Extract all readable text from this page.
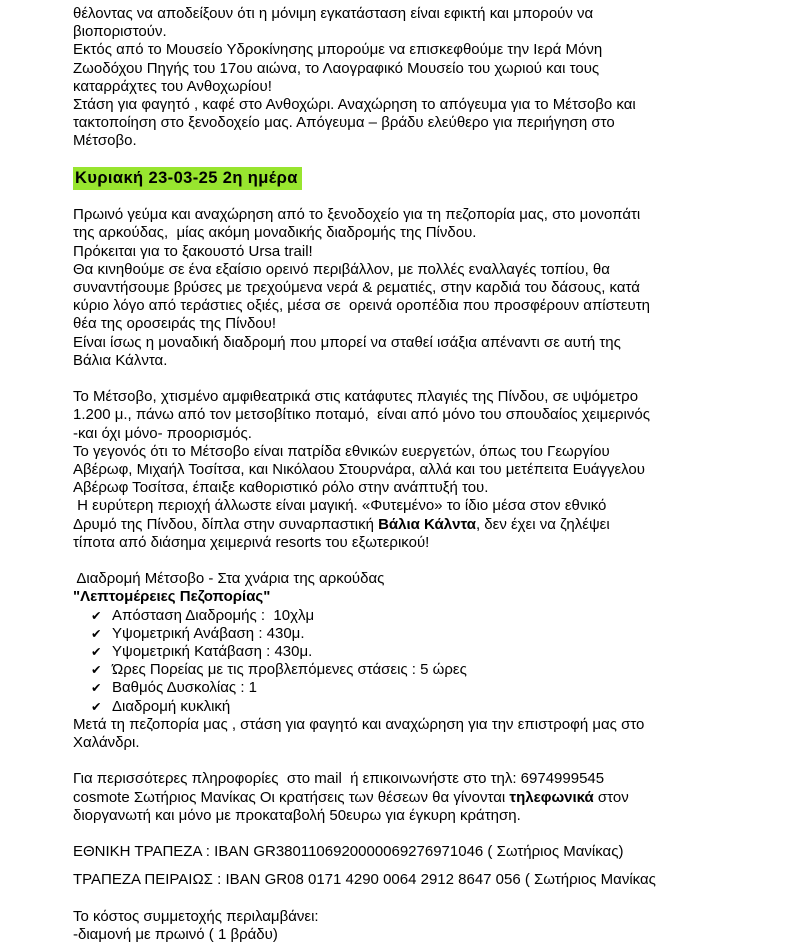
θέλοντας να αποδείξουν ότι η μόνιμη εγκατάσταση είναι εφικτή και μπορούν να
βιοποριστούν.
Εκτός από το Μουσείο Υδροκίνησης μπορούμε να επισκεφθούμε την Ιερά Μόνη
Ζωοδόχου Πηγής του 17ου αιώνα, το Λαογραφικό Μουσείο του χωριού και τους
καταρράχτες του Ανθοχωρίου!
Στάση για φαγητό , καφέ στο Ανθοχώρι. Αναχώρηση το απόγευμα για το Μέτσοβο και
τακτοποίηση στο ξενοδοχείο μας. Απόγευμα – βράδυ ελεύθερο για περιήγηση στο
Μέτσοβο.

Κυριακή 23-03-25 2η ημέρα

Πρωινό γεύμα και αναχώρηση από το ξενοδοχείο για τη πεζοπορία μας, στο μονοπάτι
της αρκούδας,  μίας ακόμη μοναδικής διαδρομής της Πίνδου.
Πρόκειται για το ξακουστό Ursa trail!
Θα κινηθούμε σε ένα εξαίσιο ορεινό περιβάλλον, με πολλές εναλλαγές τοπίου, θα
συναντήσουμε βρύσες με τρεχούμενα νερά & ρεματιές, στην καρδιά του δάσους, κατά
κύριο λόγο από τεράστιες οξιές, μέσα σε  ορεινά οροπέδια που προσφέρουν απίστευτη
θέα της οροσειράς της Πίνδου!
Είναι ίσως η μοναδική διαδρομή που μπορεί να σταθεί ισάξια απέναντι σε αυτή της
Βάλια Κάλντα.

Το Μέτσοβο, χτισμένο αμφιθεατρικά στις κατάφυτες πλαγιές της Πίνδου, σε υψόμετρο
1.200 μ., πάνω από τον μετσοβίτικο ποταμό,  είναι από μόνο του σπουδαίος χειμερινός
-και όχι μόνο- προορισμός.
Το γεγονός ότι το Μέτσοβο είναι πατρίδα εθνικών ευεργετών, όπως του Γεωργίου
Αβέρωφ, Μιχαήλ Τοσίτσα, και Νικόλαου Στουρνάρα, αλλά και του μετέπειτα Ευάγγελου
Αβέρωφ Τοσίτσα, έπαιξε καθοριστικό ρόλο στην ανάπτυξή του.
Η ευρύτερη περιοχή άλλωστε είναι μαγική. «Φυτεμένο» το ίδιο μέσα στον εθνικό
Δρυμό της Πίνδου, δίπλα στην συναρπαστική Βάλια Κάλντα, δεν έχει να ζηλέψει
τίποτα από διάσημα χειμερινά resorts του εξωτερικού!

Διαδρομή Μέτσοβο - Στα χνάρια της αρκούδας
"Λεπτομέρειες Πεζοπορίας"
✔ Απόσταση Διαδρομής :  10χλμ
✔ Υψομετρική Ανάβαση : 430μ.
✔ Υψομετρική Κατάβαση : 430μ.
✔ Ώρες Πορείας με τις προβλεπόμενες στάσεις : 5 ώρες
✔ Βαθμός Δυσκολίας : 1
✔ Διαδρομή κυκλική
Μετά τη πεζοπορία μας , στάση για φαγητό και αναχώρηση για την επιστροφή μας στο
Χαλάνδρι.

Για περισσότερες πληροφορίες  στο mail  ή επικοινωνήστε στο τηλ: 6974999545
cosmote Σωτήριος Μανίκας Οι κρατήσεις των θέσεων θα γίνονται τηλεφωνικά στον
διοργανωτή και μόνο με προκαταβολή 50ευρω για έγκυρη κράτηση.

ΕΘΝΙΚΗ ΤΡΑΠΕΖΑ : IBAN GR3801106920000069276971046 ( Σωτήριος Μανίκας)
ΤΡΑΠΕΖΑ ΠΕΙΡΑΙΩΣ : IBAN GR08 0171 4290 0064 2912 8647 056 ( Σωτήριος Μανίκας

Το κόστος συμμετοχής περιλαμβάνει:
-διαμονή με πρωινό ( 1 βράδυ)
